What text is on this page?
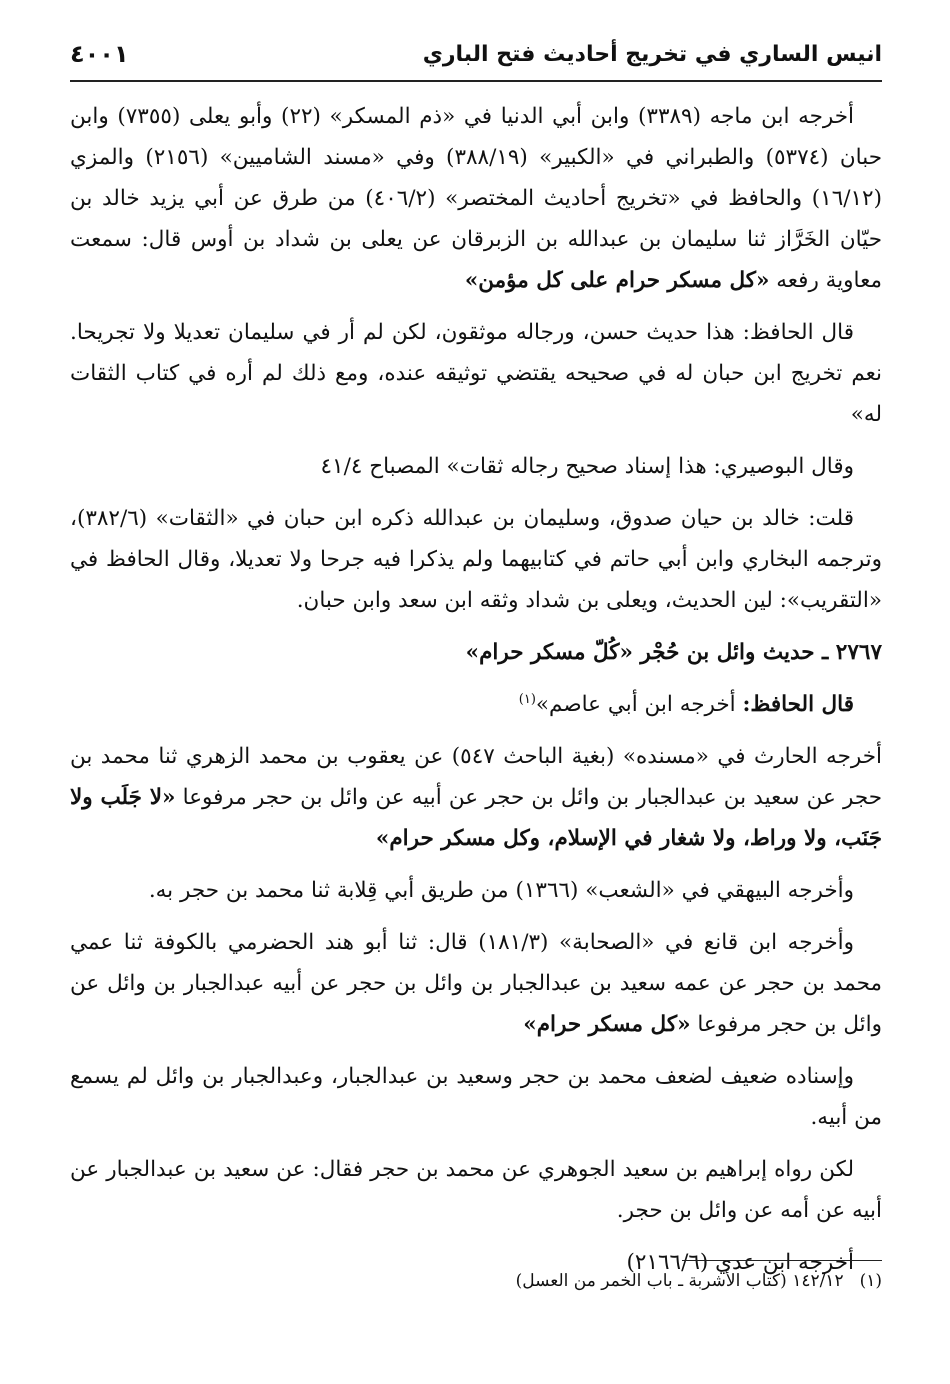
انيس الساري في تخريج أحاديث فتح الباري
٤٠٠١

أخرجه ابن ماجه (٣٣٨٩) وابن أبي الدنيا في «ذم المسكر» (٢٢) وأبو يعلى (٧٣٥٥) وابن حبان (٥٣٧٤) والطبراني في «الكبير» (٣٨٨/١٩) وفي «مسند الشاميين» (٢١٥٦) والمزي (١٦/١٢) والحافظ في «تخريج أحاديث المختصر» (٤٠٦/٢) من طرق عن أبي يزيد خالد بن حيّان الخَرَّاز ثنا سليمان بن عبدالله بن الزبرقان عن يعلى بن شداد بن أوس قال: سمعت معاوية رفعه «كل مسكر حرام على كل مؤمن»

قال الحافظ: هذا حديث حسن، ورجاله موثقون، لكن لم أر في سليمان تعديلا ولا تجريحا. نعم تخريج ابن حبان له في صحيحه يقتضي توثيقه عنده، ومع ذلك لم أره في كتاب الثقات له»

وقال البوصيري: هذا إسناد صحيح رجاله ثقات» المصباح ٤١/٤

قلت: خالد بن حيان صدوق، وسليمان بن عبدالله ذكره ابن حبان في «الثقات» (٣٨٢/٦)، وترجمه البخاري وابن أبي حاتم في كتابيهما ولم يذكرا فيه جرحا ولا تعديلا، وقال الحافظ في «التقريب»: لين الحديث، ويعلى بن شداد وثقه ابن سعد وابن حبان.

٢٧٦٧ ـ حديث وائل بن حُجْر «كُلّ مسكر حرام»

قال الحافظ: أخرجه ابن أبي عاصم»$^{(١)}$

أخرجه الحارث في «مسنده» (بغية الباحث ٥٤٧) عن يعقوب بن محمد الزهري ثنا محمد بن حجر عن سعيد بن عبدالجبار بن وائل بن حجر عن أبيه عن وائل بن حجر مرفوعا «لا جَلَب ولا جَنَب، ولا وراط، ولا شغار في الإسلام، وكل مسكر حرام»

وأخرجه البيهقي في «الشعب» (١٣٦٦) من طريق أبي قِلابة ثنا محمد بن حجر به.

وأخرجه ابن قانع في «الصحابة» (١٨١/٣) قال: ثنا أبو هند الحضرمي بالكوفة ثنا عمي محمد بن حجر عن عمه سعيد بن عبدالجبار بن وائل بن حجر عن أبيه عبدالجبار بن وائل عن وائل بن حجر مرفوعا «كل مسكر حرام»

وإسناده ضعيف لضعف محمد بن حجر وسعيد بن عبدالجبار، وعبدالجبار بن وائل لم يسمع من أبيه.

لكن رواه إبراهيم بن سعيد الجوهري عن محمد بن حجر فقال: عن سعيد بن عبدالجبار عن أبيه عن أمه عن وائل بن حجر.

أخرجه ابن عدي (٢١٦٦/٦)

(١)١٤٢/١٢ (كتاب الأشربة ـ باب الخمر من العسل)
